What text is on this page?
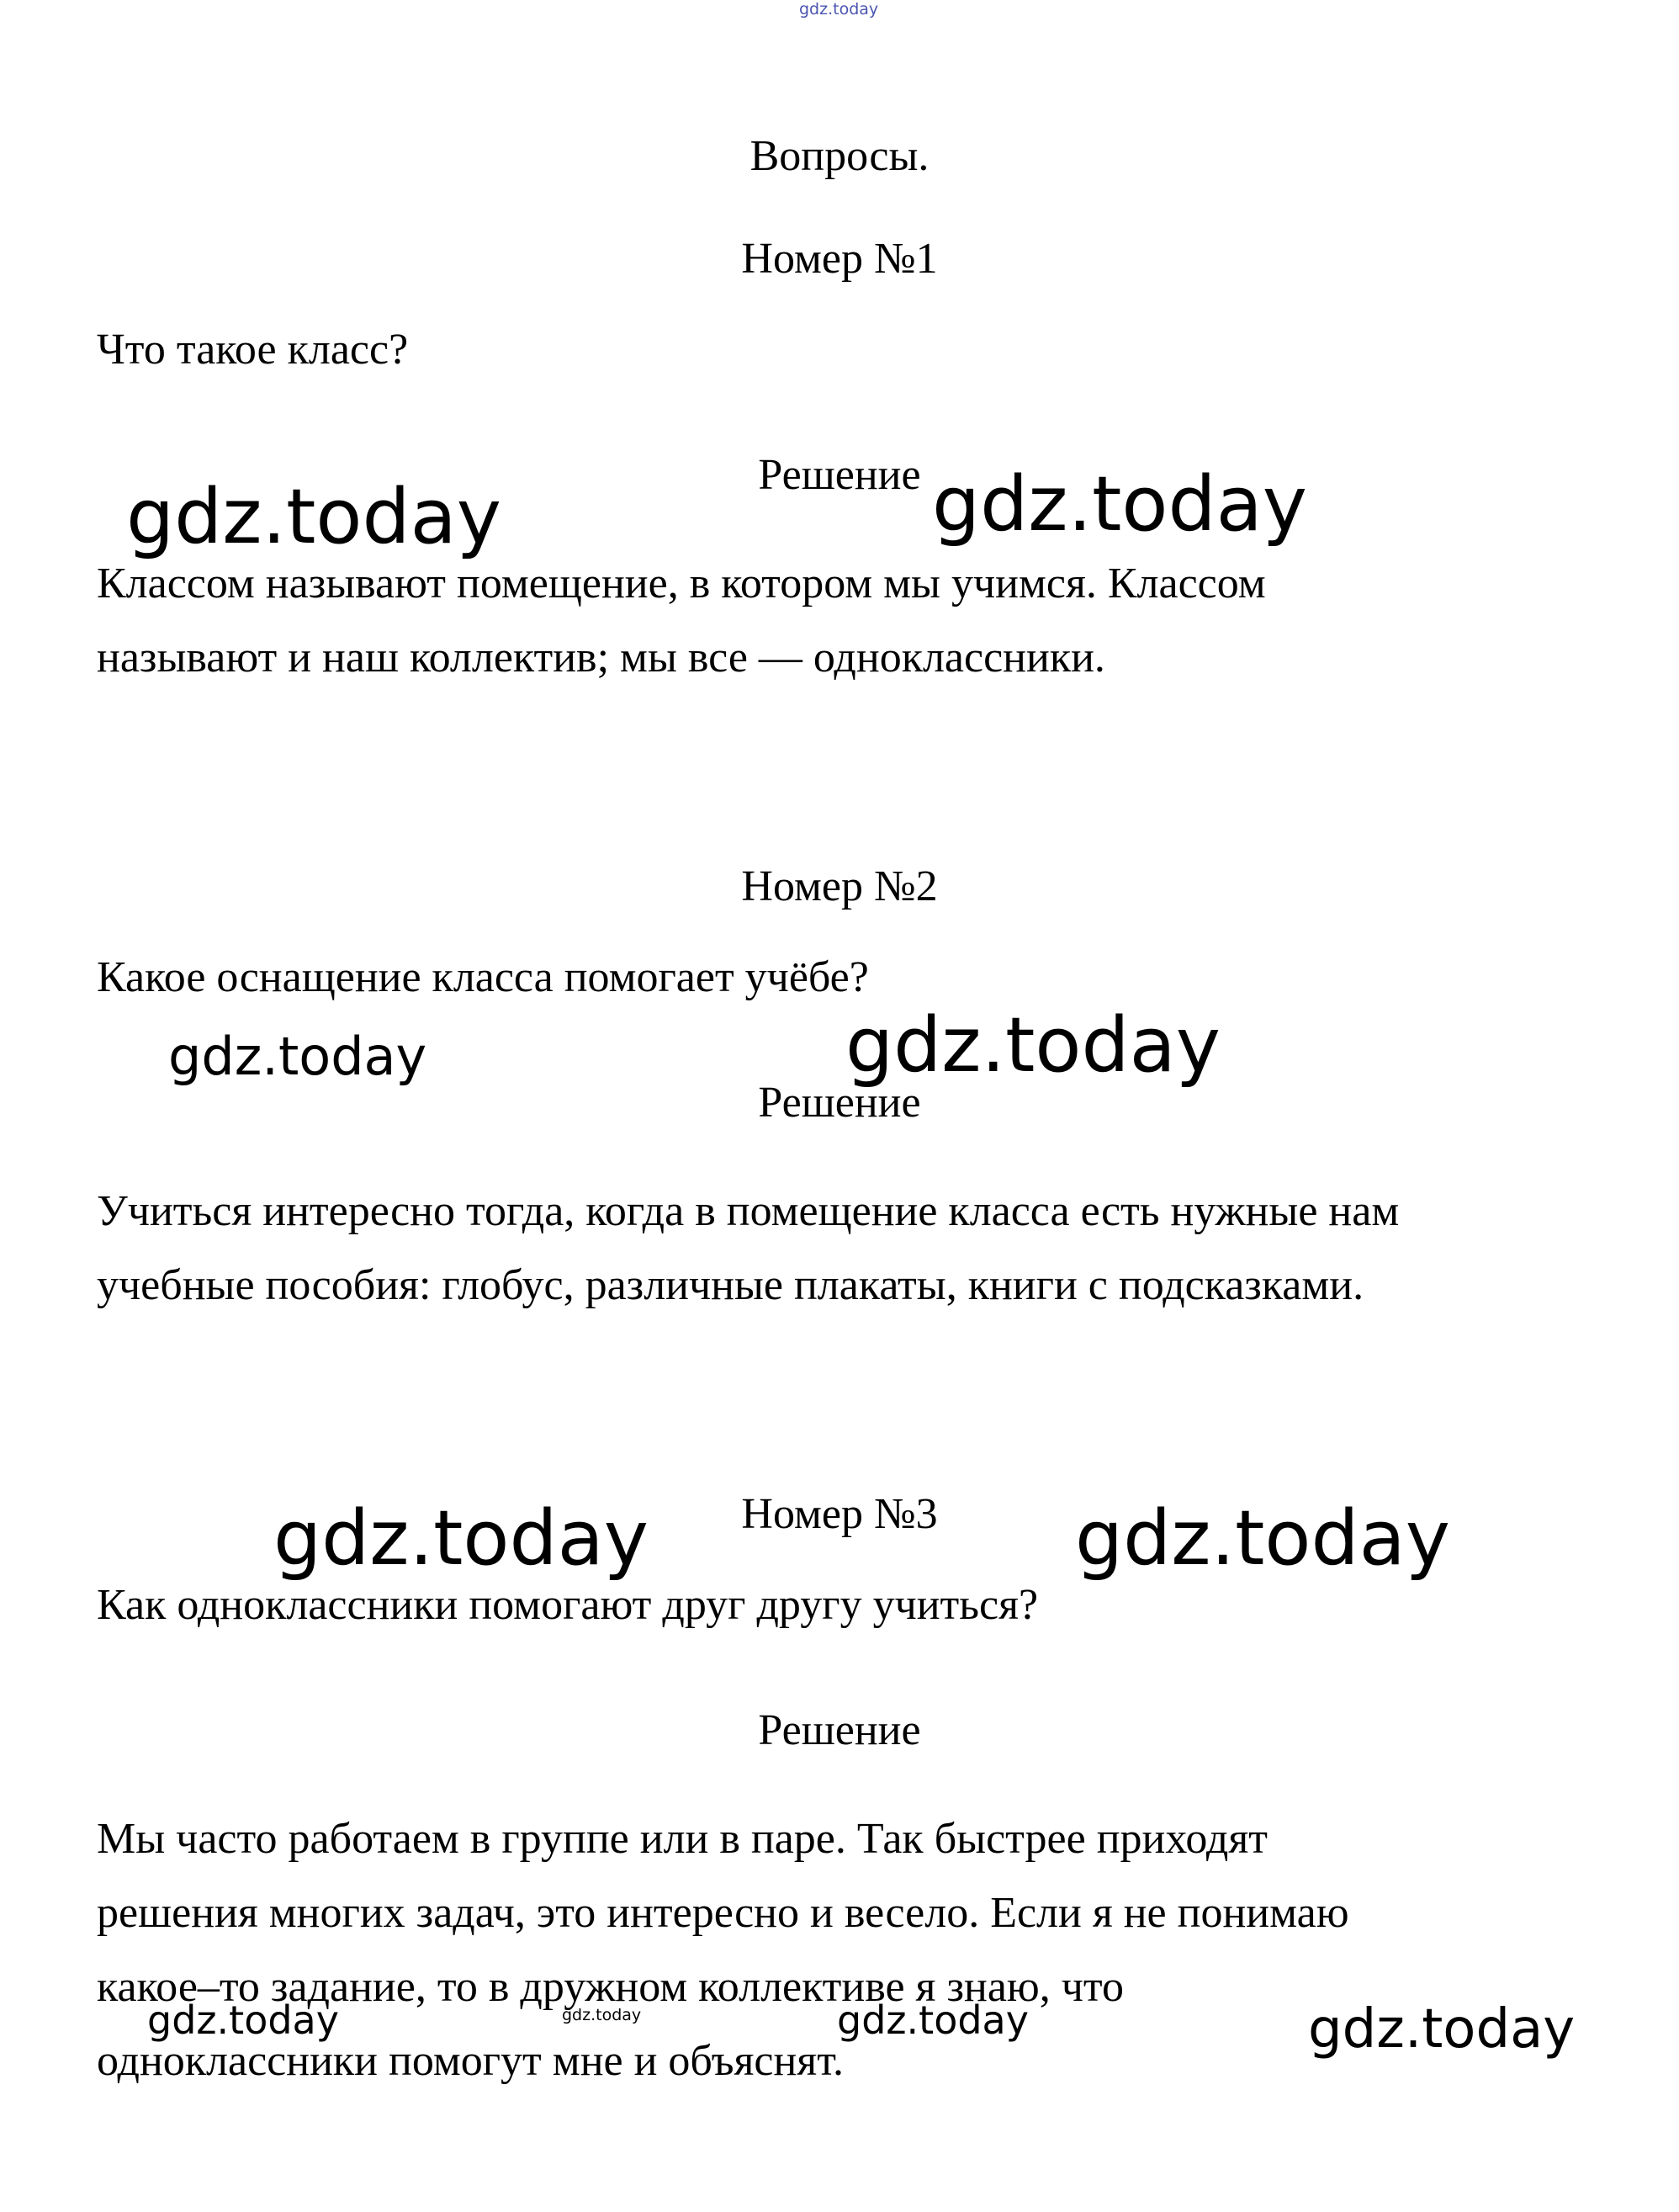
gdz.today
Вопросы.
Номер №1
Что такое класс?
Решение
Классом называют помещение, в котором мы учимся. Классом
называют и наш коллектив; мы все — одноклассники.
Номер №2
Какое оснащение класса помогает учёбе?
Решение
Учиться интересно тогда, когда в помещение класса есть нужные нам
учебные пособия: глобус, различные плакаты, книги с подсказками.
Номер №3
Как одноклассники помогают друг другу учиться?
Решение
Мы часто работаем в группе или в паре. Так быстрее приходят
решения многих задач, это интересно и весело. Если я не понимаю
какое–то задание, то в дружном коллективе я знаю, что
одноклассники помогут мне и объяснят.
gdz.today	gdz.today
gdz.today	gdz.today
gdz.today	gdz.today
gdz.today	gdz.today	gdz.today	gdz.today
